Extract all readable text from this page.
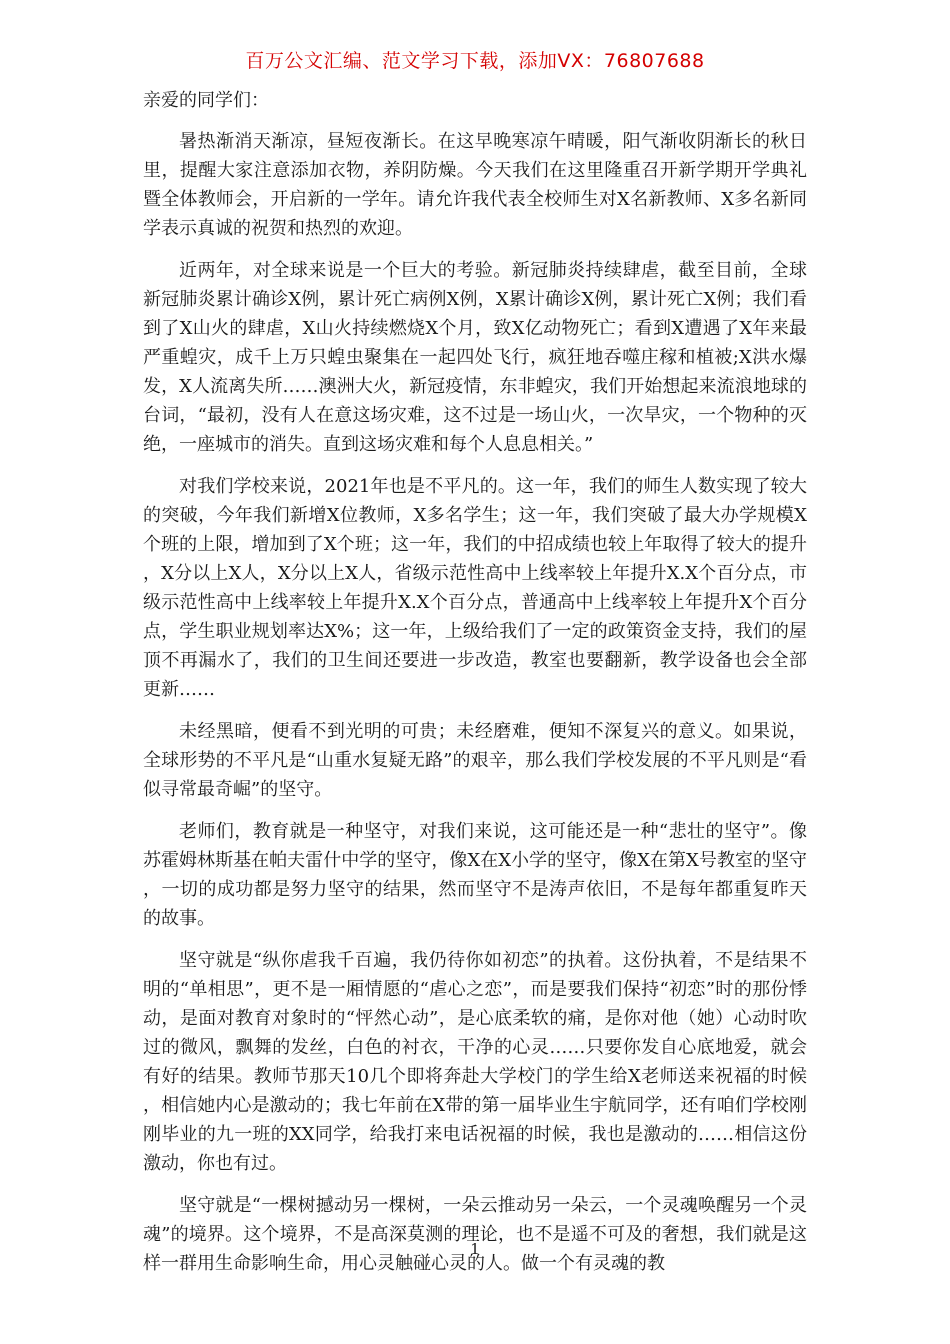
百万公文汇编、范文学习下载，添加VX：76807688

亲爱的同学们：

暑热渐消天渐凉，昼短夜渐长。在这早晚寒凉午晴暖，阳气渐收阴渐长的秋日里，提醒大家注意添加衣物，养阴防燥。今天我们在这里隆重召开新学期开学典礼暨全体教师会，开启新的一学年。请允许我代表全校师生对X名新教师、X多名新同学表示真诚的祝贺和热烈的欢迎。

近两年，对全球来说是一个巨大的考验。新冠肺炎持续肆虐，截至目前，全球新冠肺炎累计确诊X例，累计死亡病例X例，X累计确诊X例，累计死亡X例；我们看到了X山火的肆虐，X山火持续燃烧X个月，致X亿动物死亡；看到X遭遇了X年来最严重蝗灾，成千上万只蝗虫聚集在一起四处飞行，疯狂地吞噬庄稼和植被;X洪水爆发，X人流离失所……澳洲大火，新冠疫情，东非蝗灾，我们开始想起来流浪地球的台词，“最初，没有人在意这场灾难，这不过是一场山火，一次旱灾，一个物种的灭绝，一座城市的消失。直到这场灾难和每个人息息相关。”

对我们学校来说，2021年也是不平凡的。这一年，我们的师生人数实现了较大的突破，今年我们新增X位教师，X多名学生；这一年，我们突破了最大办学规模X个班的上限，增加到了X个班；这一年，我们的中招成绩也较上年取得了较大的提升，X分以上X人，X分以上X人，省级示范性高中上线率较上年提升X.X个百分点，市级示范性高中上线率较上年提升X.X个百分点，普通高中上线率较上年提升X个百分点，学生职业规划率达X%；这一年，上级给我们了一定的政策资金支持，我们的屋顶不再漏水了，我们的卫生间还要进一步改造，教室也要翻新，教学设备也会全部更新……

未经黑暗，便看不到光明的可贵；未经磨难，便知不深复兴的意义。如果说，全球形势的不平凡是“山重水复疑无路”的艰辛，那么我们学校发展的不平凡则是“看似寻常最奇崛”的坚守。

老师们，教育就是一种坚守，对我们来说，这可能还是一种“悲壮的坚守”。像苏霍姆林斯基在帕夫雷什中学的坚守，像X在X小学的坚守，像X在第X号教室的坚守，一切的成功都是努力坚守的结果，然而坚守不是涛声依旧，不是每年都重复昨天的故事。

坚守就是“纵你虐我千百遍，我仍待你如初恋”的执着。这份执着，不是结果不明的“单相思”，更不是一厢情愿的“虐心之恋”，而是要我们保持“初恋”时的那份悸动，是面对教育对象时的“怦然心动”，是心底柔软的痛，是你对他（她）心动时吹过的微风，飘舞的发丝，白色的衬衣，干净的心灵……只要你发自心底地爱，就会有好的结果。教师节那天10几个即将奔赴大学校门的学生给X老师送来祝福的时候，相信她内心是激动的；我七年前在X带的第一届毕业生宇航同学，还有咱们学校刚刚毕业的九一班的XX同学，给我打来电话祝福的时候，我也是激动的……相信这份激动，你也有过。

坚守就是“一棵树撼动另一棵树，一朵云推动另一朵云，一个灵魂唤醒另一个灵魂”的境界。这个境界，不是高深莫测的理论，也不是遥不可及的奢想，我们就是这样一群用生命影响生命，用心灵触碰心灵的人。做一个有灵魂的教

1
